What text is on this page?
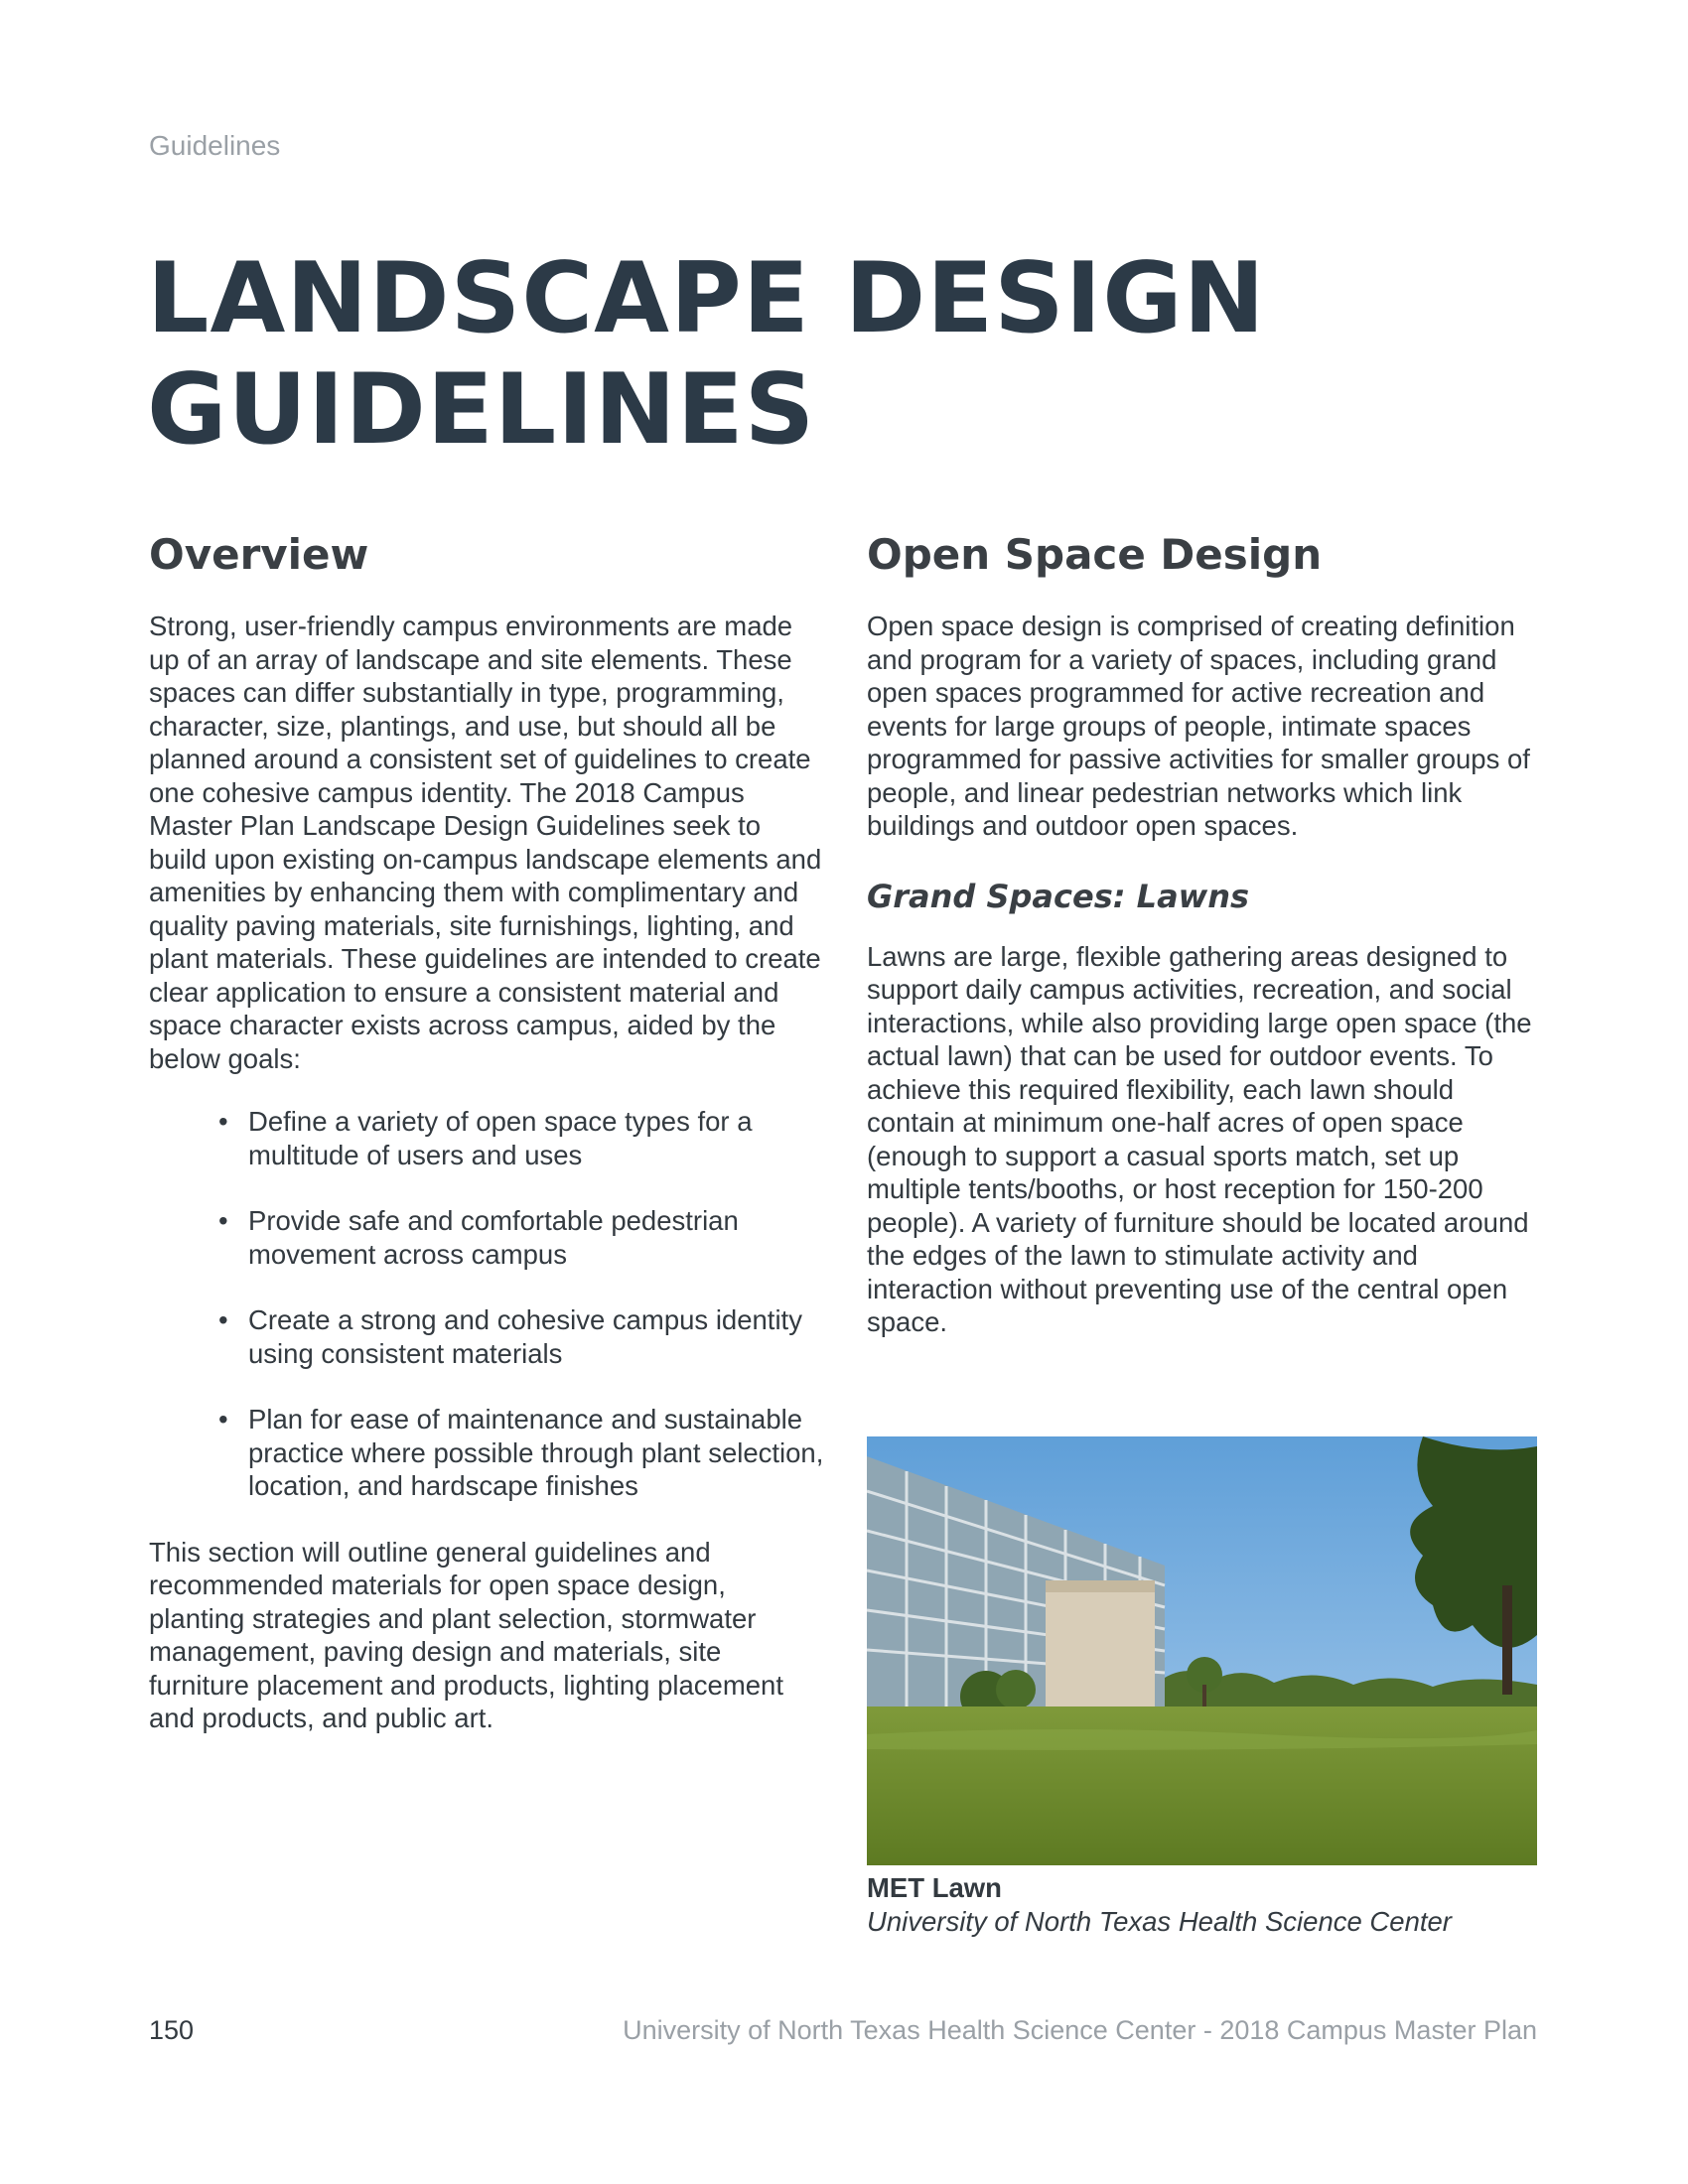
Guidelines

LANDSCAPE DESIGN GUIDELINES
Overview

Strong, user-friendly campus environments are made up of an array of landscape and site elements. These spaces can differ substantially in type, programming, character, size, plantings, and use, but should all be planned around a consistent set of guidelines to create one cohesive campus identity. The 2018 Campus Master Plan Landscape Design Guidelines seek to build upon existing on-campus landscape elements and amenities by enhancing them with complimentary and quality paving materials, site furnishings, lighting, and plant materials. These guidelines are intended to create clear application to ensure a consistent material and space character exists across campus, aided by the below goals:

• Define a variety of open space types for a multitude of users and uses
• Provide safe and comfortable pedestrian movement across campus
• Create a strong and cohesive campus identity using consistent materials
• Plan for ease of maintenance and sustainable practice where possible through plant selection, location, and hardscape finishes

This section will outline general guidelines and recommended materials for open space design, planting strategies and plant selection, stormwater management, paving design and materials, site furniture placement and products, lighting placement and products, and public art.

Open Space Design

Open space design is comprised of creating definition and program for a variety of spaces, including grand open spaces programmed for active recreation and events for large groups of people, intimate spaces programmed for passive activities for smaller groups of people, and linear pedestrian networks which link buildings and outdoor open spaces.

Grand Spaces: Lawns

Lawns are large, flexible gathering areas designed to support daily campus activities, recreation, and social interactions, while also providing large open space (the actual lawn) that can be used for outdoor events. To achieve this required flexibility, each lawn should contain at minimum one-half acres of open space (enough to support a casual sports match, set up multiple tents/booths, or host reception for 150-200 people). A variety of furniture should be located around the edges of the lawn to stimulate activity and interaction without preventing use of the central open space.

MET Lawn
University of North Texas Health Science Center
150	University of North Texas Health Science Center - 2018 Campus Master Plan
